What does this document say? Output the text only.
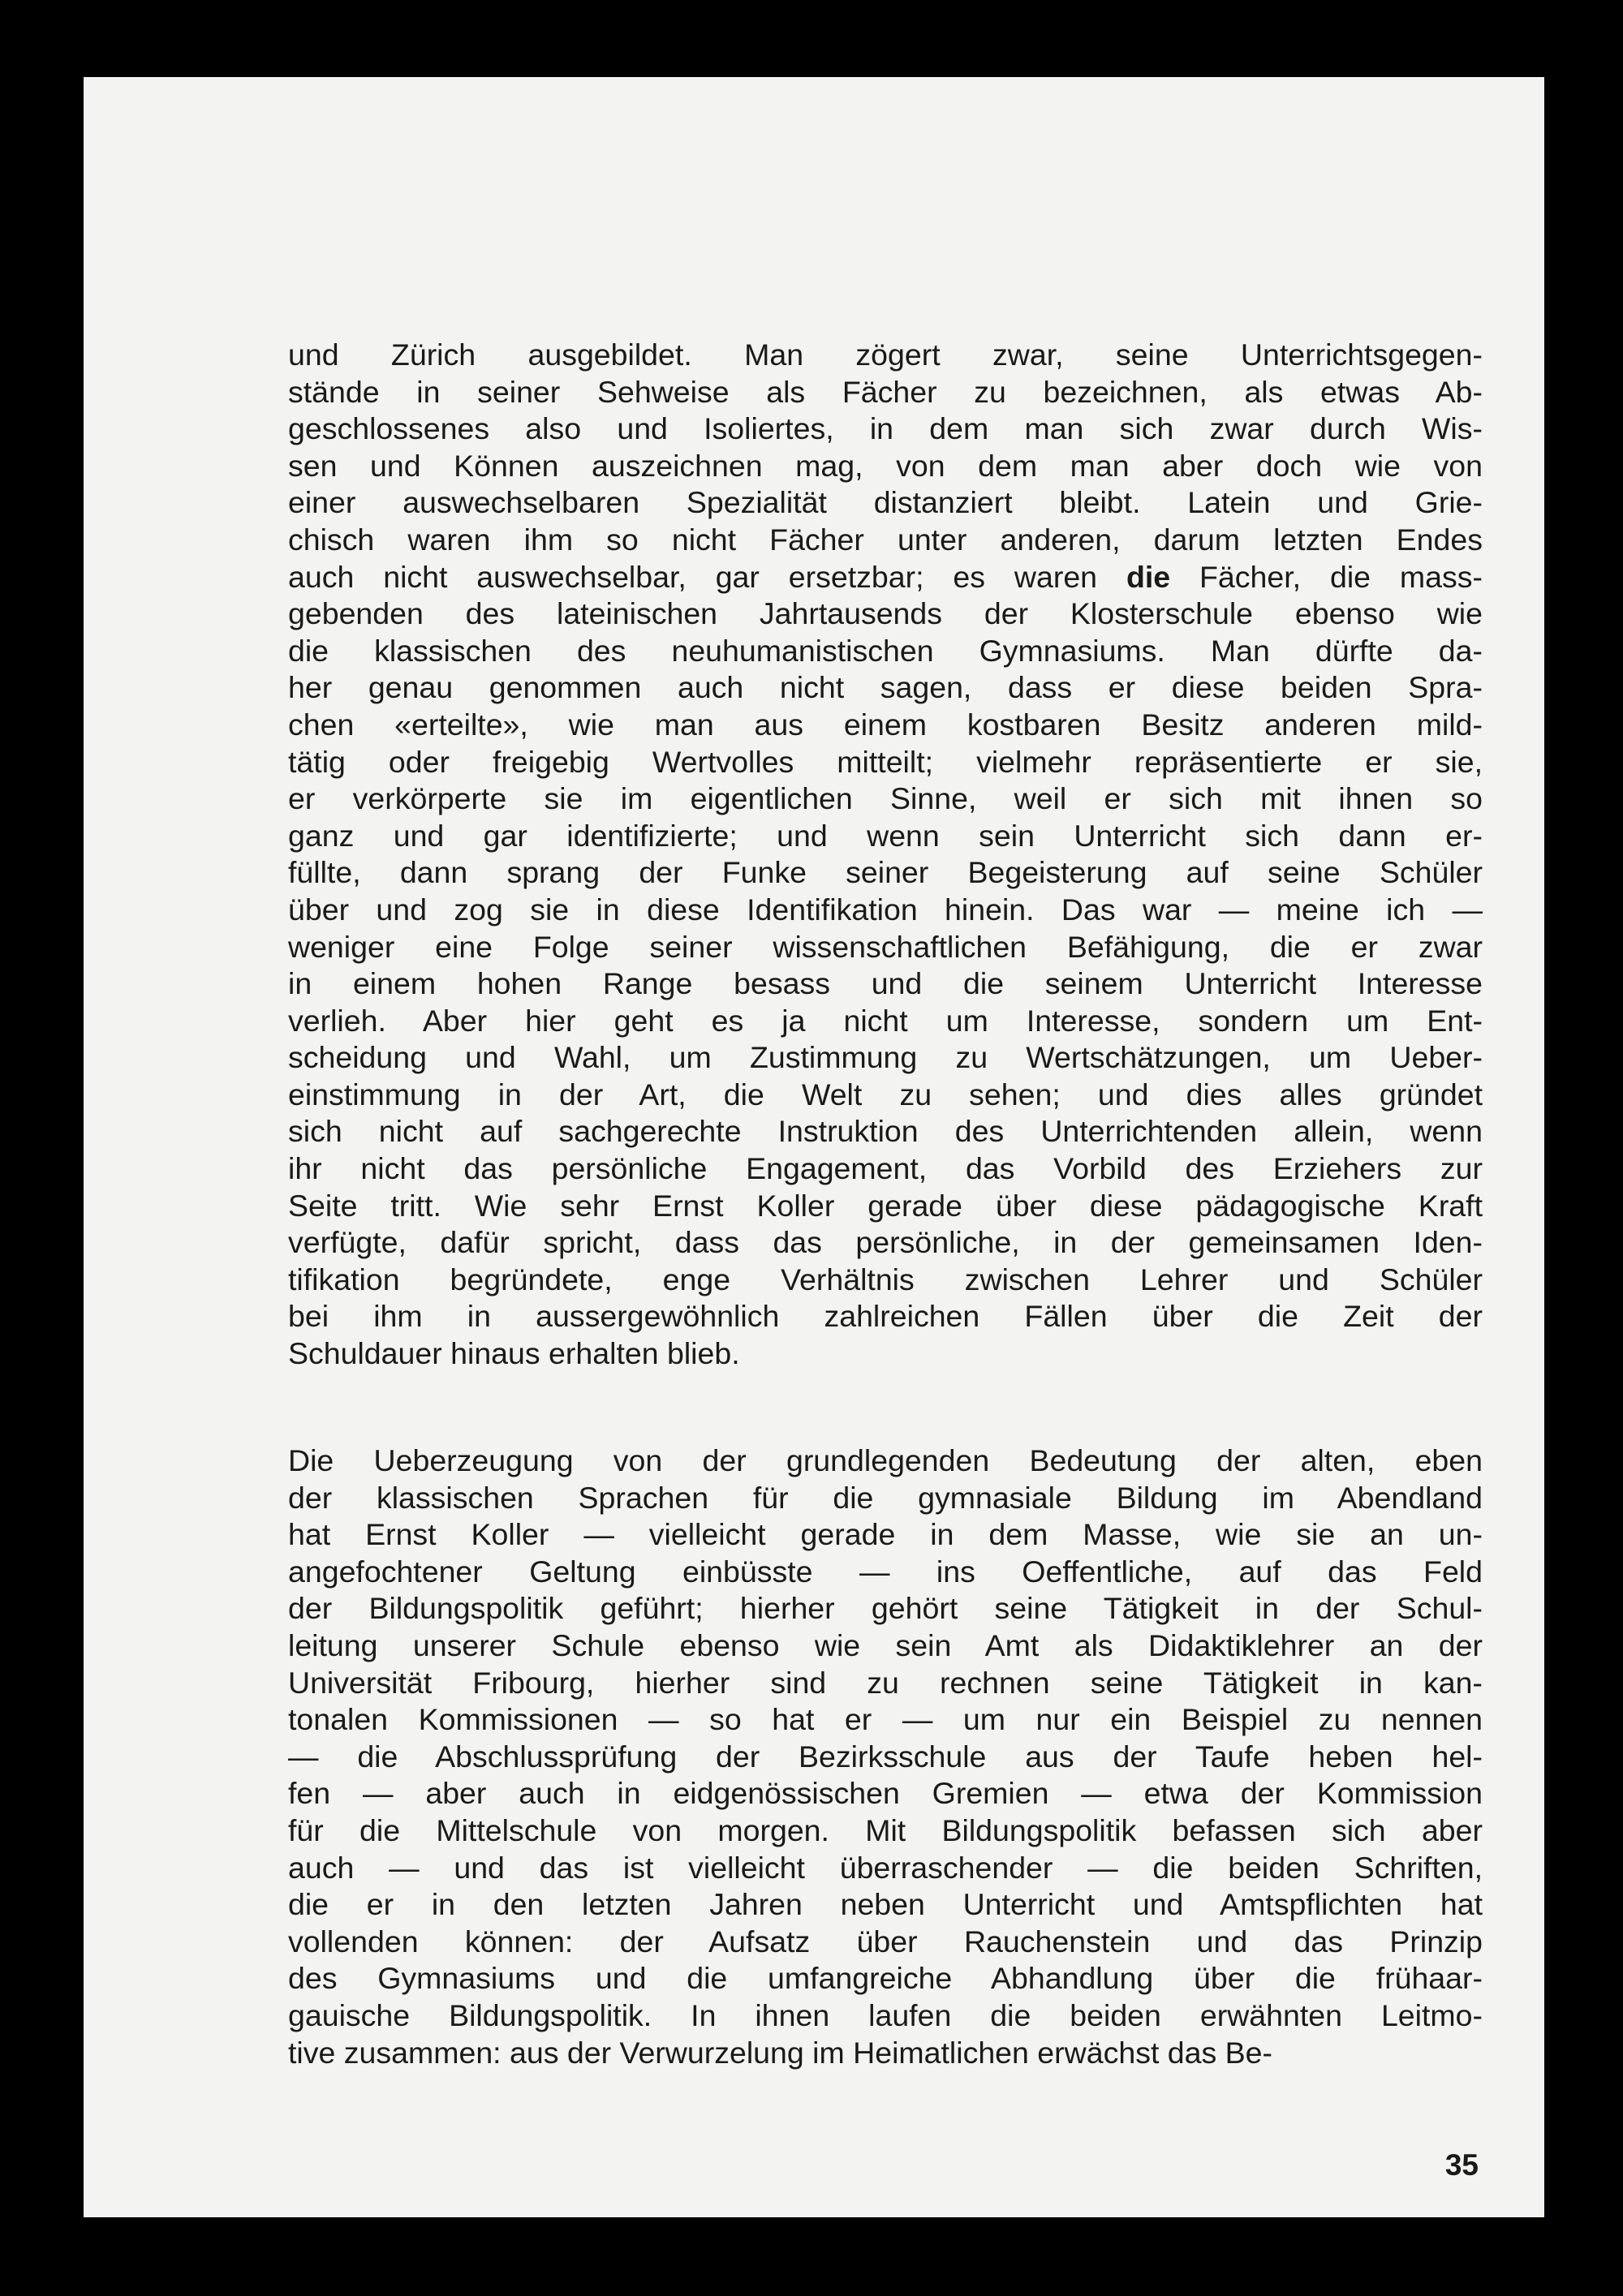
und Zürich ausgebildet. Man zögert zwar, seine Unterrichtsgegen-
stände in seiner Sehweise als Fächer zu bezeichnen, als etwas Ab-
geschlossenes also und Isoliertes, in dem man sich zwar durch Wis-
sen und Können auszeichnen mag, von dem man aber doch wie von
einer auswechselbaren Spezialität distanziert bleibt. Latein und Grie-
chisch waren ihm so nicht Fächer unter anderen, darum letzten Endes
auch nicht auswechselbar, gar ersetzbar; es waren die Fächer, die mass-
gebenden des lateinischen Jahrtausends der Klosterschule ebenso wie
die klassischen des neuhumanistischen Gymnasiums. Man dürfte da-
her genau genommen auch nicht sagen, dass er diese beiden Spra-
chen «erteilte», wie man aus einem kostbaren Besitz anderen mild-
tätig oder freigebig Wertvolles mitteilt; vielmehr repräsentierte er sie,
er verkörperte sie im eigentlichen Sinne, weil er sich mit ihnen so
ganz und gar identifizierte; und wenn sein Unterricht sich dann er-
füllte, dann sprang der Funke seiner Begeisterung auf seine Schüler
über und zog sie in diese Identifikation hinein. Das war — meine ich —
weniger eine Folge seiner wissenschaftlichen Befähigung, die er zwar
in einem hohen Range besass und die seinem Unterricht Interesse
verlieh. Aber hier geht es ja nicht um Interesse, sondern um Ent-
scheidung und Wahl, um Zustimmung zu Wertschätzungen, um Ueber-
einstimmung in der Art, die Welt zu sehen; und dies alles gründet
sich nicht auf sachgerechte Instruktion des Unterrichtenden allein, wenn
ihr nicht das persönliche Engagement, das Vorbild des Erziehers zur
Seite tritt. Wie sehr Ernst Koller gerade über diese pädagogische Kraft
verfügte, dafür spricht, dass das persönliche, in der gemeinsamen Iden-
tifikation begründete, enge Verhältnis zwischen Lehrer und Schüler
bei ihm in aussergewöhnlich zahlreichen Fällen über die Zeit der
Schuldauer hinaus erhalten blieb.
Die Ueberzeugung von der grundlegenden Bedeutung der alten, eben
der klassischen Sprachen für die gymnasiale Bildung im Abendland
hat Ernst Koller — vielleicht gerade in dem Masse, wie sie an un-
angefochtener Geltung einbüsste — ins Oeffentliche, auf das Feld
der Bildungspolitik geführt; hierher gehört seine Tätigkeit in der Schul-
leitung unserer Schule ebenso wie sein Amt als Didaktiklehrer an der
Universität Fribourg, hierher sind zu rechnen seine Tätigkeit in kan-
tonalen Kommissionen — so hat er — um nur ein Beispiel zu nennen
— die Abschlussprüfung der Bezirksschule aus der Taufe heben hel-
fen — aber auch in eidgenössischen Gremien — etwa der Kommission
für die Mittelschule von morgen. Mit Bildungspolitik befassen sich aber
auch — und das ist vielleicht überraschender — die beiden Schriften,
die er in den letzten Jahren neben Unterricht und Amtspflichten hat
vollenden können: der Aufsatz über Rauchenstein und das Prinzip
des Gymnasiums und die umfangreiche Abhandlung über die frühaar-
gauische Bildungspolitik. In ihnen laufen die beiden erwähnten Leitmo-
tive zusammen: aus der Verwurzelung im Heimatlichen erwächst das Be-
35
